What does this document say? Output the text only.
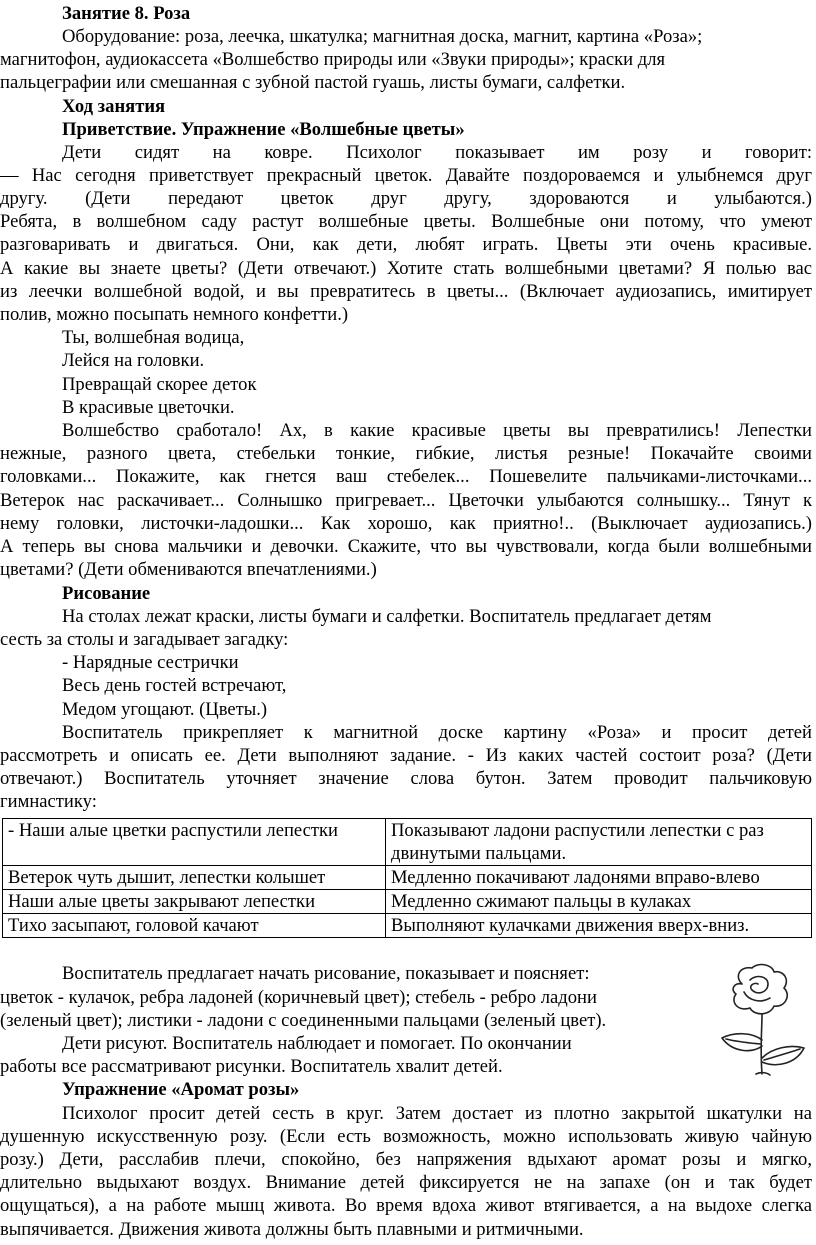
Занятие 8. Роза
Оборудование: роза, леечка, шкатулка; магнитная доска, магнит, картина «Роза»;
магнитофон, аудиокассета «Волшебство природы или «Звуки природы»; краски для
пальцеграфии или смешанная с зубной пастой гуашь, листы бумаги, салфетки.
Ход занятия
Приветствие. Упражнение «Волшебные цветы»
Дети сидят на ковре. Психолог показывает им розу и говорит:
— Нас сегодня приветствует прекрасный цветок. Давайте поздороваемся и улыбнемся друг
другу. (Дети передают цветок друг другу, здороваются и улыбаются.)
Ребята, в волшебном саду растут волшебные цветы. Волшебные они потому, что умеют
разговаривать и двигаться. Они, как дети, любят играть. Цветы эти очень красивые.
А какие вы знаете цветы? (Дети отвечают.) Хотите стать волшебными цветами? Я полью вас
из леечки волшебной водой, и вы превратитесь в цветы... (Включает аудиозапись, имитирует
полив, можно посыпать немного конфетти.)
Ты, волшебная водица,
Лейся на головки.
Превращай скорее деток
В красивые цветочки.
Волшебство сработало! Ах, в какие красивые цветы вы превратились! Лепестки
нежные, разного цвета, стебельки тонкие, гибкие, листья резные! Покачайте своими
головками... Покажите, как гнется ваш стебелек... Пошевелите пальчиками-листочками...
Ветерок нас раскачивает... Солнышко пригревает... Цветочки улыбаются солнышку... Тянут к
нему головки, листочки-ладошки... Как хорошо, как приятно!.. (Выключает аудиозапись.)
А теперь вы снова мальчики и девочки. Скажите, что вы чувствовали, когда были волшебными
цветами? (Дети обмениваются впечатлениями.)
Рисование
На столах лежат краски, листы бумаги и салфетки. Воспитатель предлагает детям
сесть за столы и загадывает загадку:
- Нарядные сестрички
Весь день гостей встречают,
Медом угощают. (Цветы.)
Воспитатель прикрепляет к магнитной доске картину «Роза» и просит детей
рассмотреть и описать ее. Дети выполняют задание. - Из каких частей состоит роза? (Дети
отвечают.) Воспитатель уточняет значение слова бутон. Затем проводит пальчиковую
гимнастику:
Воспитатель предлагает начать рисование, показывает и поясняет:
цветок - кулачок, ребра ладоней (коричневый цвет); стебель - ребро ладони
(зеленый цвет); листики - ладони с соединенными пальцами (зеленый цвет).
Дети рисуют. Воспитатель наблюдает и помогает. По окончании
работы все рассматривают рисунки. Воспитатель хвалит детей.
Упражнение «Аромат розы»
Психолог просит детей сесть в круг. Затем достает из плотно закрытой шкатулки на
душенную искусственную розу. (Если есть возможность, можно использовать живую чайную
розу.) Дети, расслабив плечи, спокойно, без напряжения вдыхают аромат розы и мягко,
длительно выдыхают воздух. Внимание детей фиксируется не на запахе (он и так будет
ощущаться), а на работе мышц живота. Во время вдоха живот втягивается, а на выдохе слегка
выпячивается. Движения живота должны быть плавными и ритмичными.
- Наши алые цветки распустили лепестки	Показывают ладони распустили лепестки с раз двинутыми пальцами.
Ветерок чуть дышит, лепестки колышет	Медленно покачивают ладонями вправо-влево
Наши алые цветы закрывают лепестки	Медленно сжимают пальцы в кулаках
Тихо засыпают, головой качают	Выполняют кулачками движения вверх-вниз.
